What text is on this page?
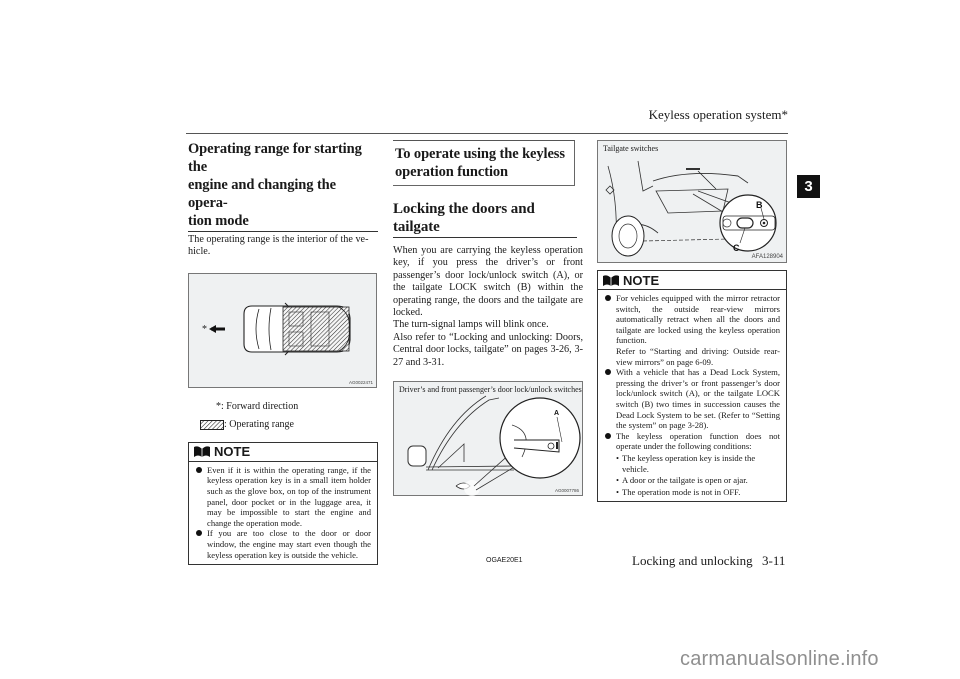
Keyless operation system*
3
Operating range for starting the
engine and changing the opera-
tion mode

The operating range is the interior of the ve-
hicle.

*
AG0022471
*: Forward direction
: Operating range
NOTE
Even if it is within the operating range, if the keyless operation key is in a small item holder such as the glove box, on top of the instrument panel, door pocket or in the luggage area, it may be impossible to start the engine and change the operation mode.
If you are too close to the door or door window, the engine may start even though the keyless operation key is outside the vehicle.
To operate using the keyless
operation function
Locking the doors and tailgate

When you are carrying the keyless operation key, if you press the driver’s or front passenger’s door lock/unlock switch (A), or the tailgate LOCK switch (B) within the operating range, the doors and the tailgate are locked.

The turn-signal lamps will blink once.

Also refer to “Locking and unlocking: Doors, Central door locks, tailgate” on pages 3-26, 3-27 and 3-31.

Driver’s and front passenger’s door lock/unlock switches
A
AG0007786
Tailgate switches
B
C
AFA128904
NOTE
For vehicles equipped with the mirror retractor switch, the outside rear-view mirrors automatically retract when all the doors and tailgate are locked using the keyless operation function.
Refer to “Starting and driving: Outside rear-view mirrors” on page 6-09.
With a vehicle that has a Dead Lock System, pressing the driver’s or front passenger’s door lock/unlock switch (A), or the tailgate LOCK switch (B) two times in succession causes the Dead Lock System to be set. (Refer to “Setting the system” on page 3-28).
The keyless operation function does not operate under the following conditions:
• The keyless operation key is inside the vehicle.
• A door or the tailgate is open or ajar.
• The operation mode is not in OFF.
OGAE20E1	Locking and unlocking 3-11
carmanualsonline.info
